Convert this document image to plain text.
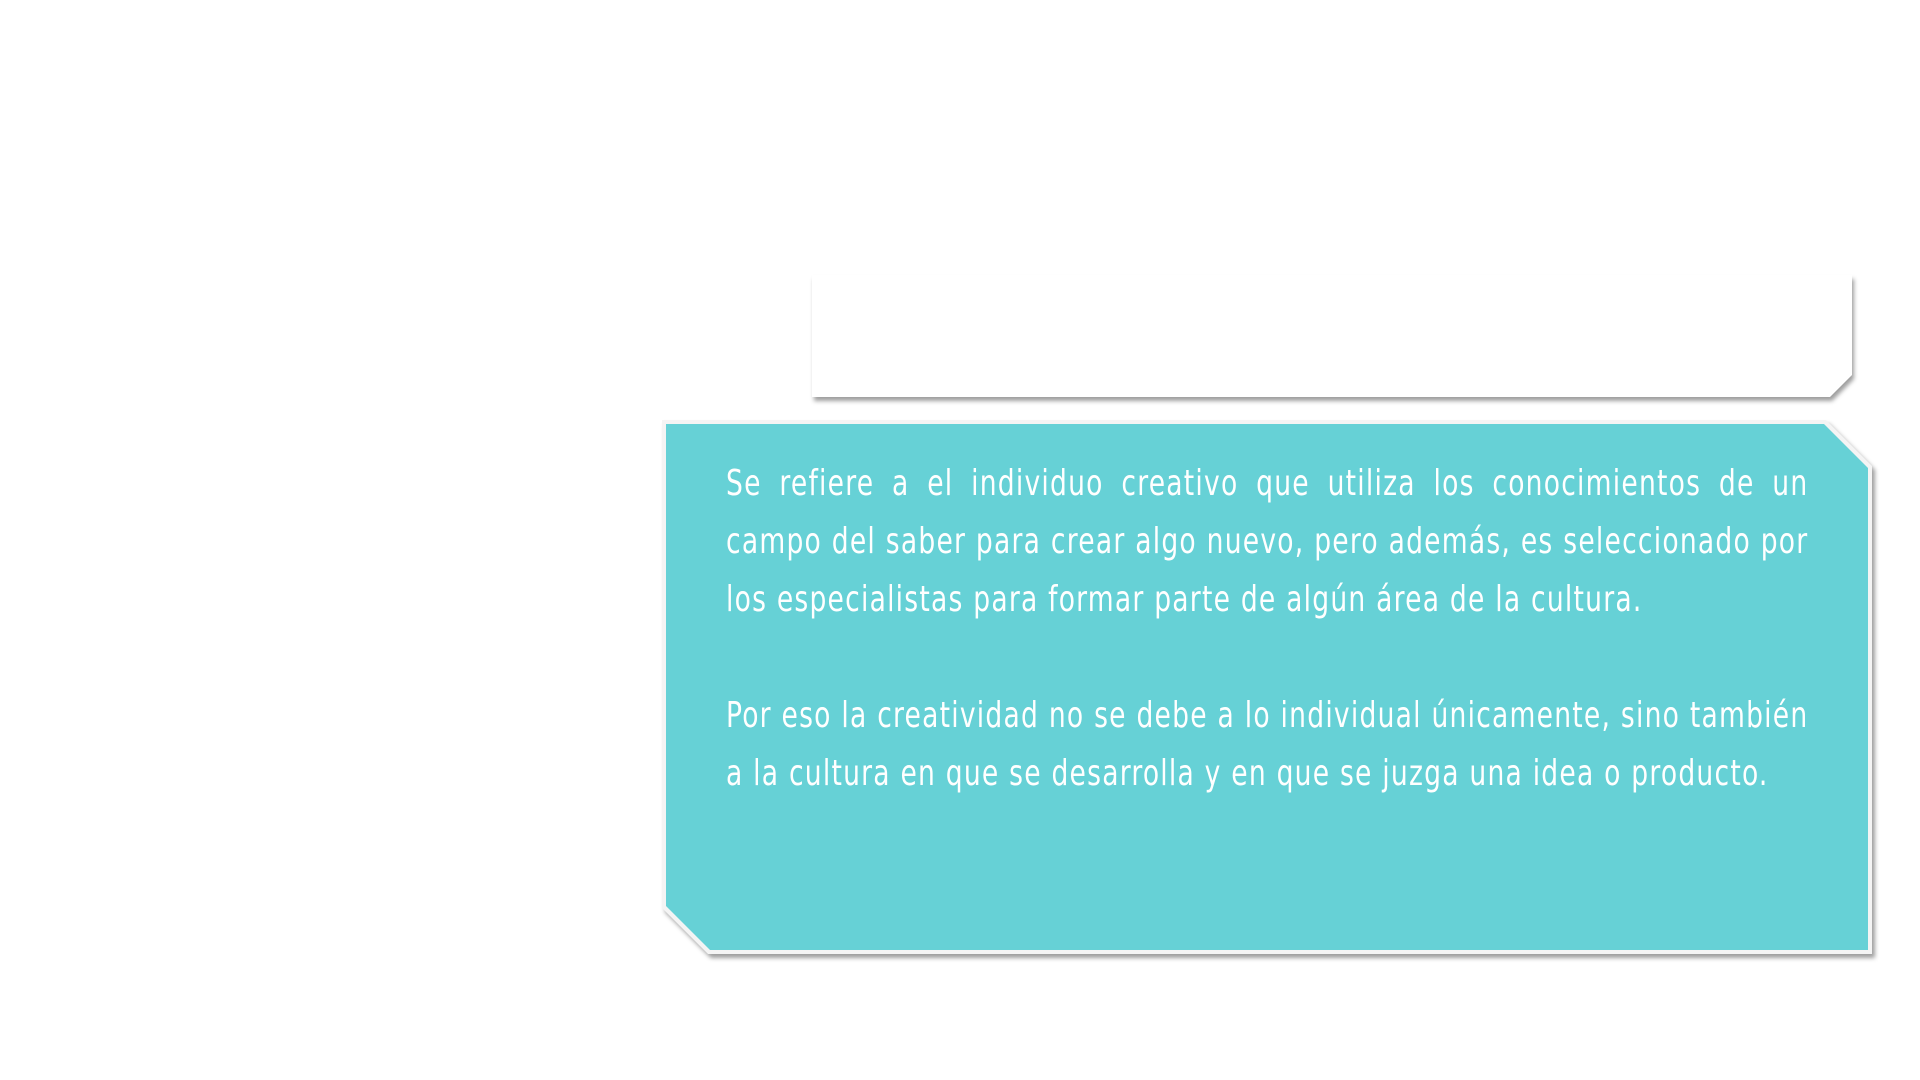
Se refiere a el individuo creativo que utiliza los conocimientos de un campo del saber para crear algo nuevo, pero además, es seleccionado por los especialistas para formar parte de algún área de la cultura.

Por eso la creatividad no se debe a lo individual únicamente, sino también a la cultura en que se desarrolla y en que se juzga una idea o producto.
